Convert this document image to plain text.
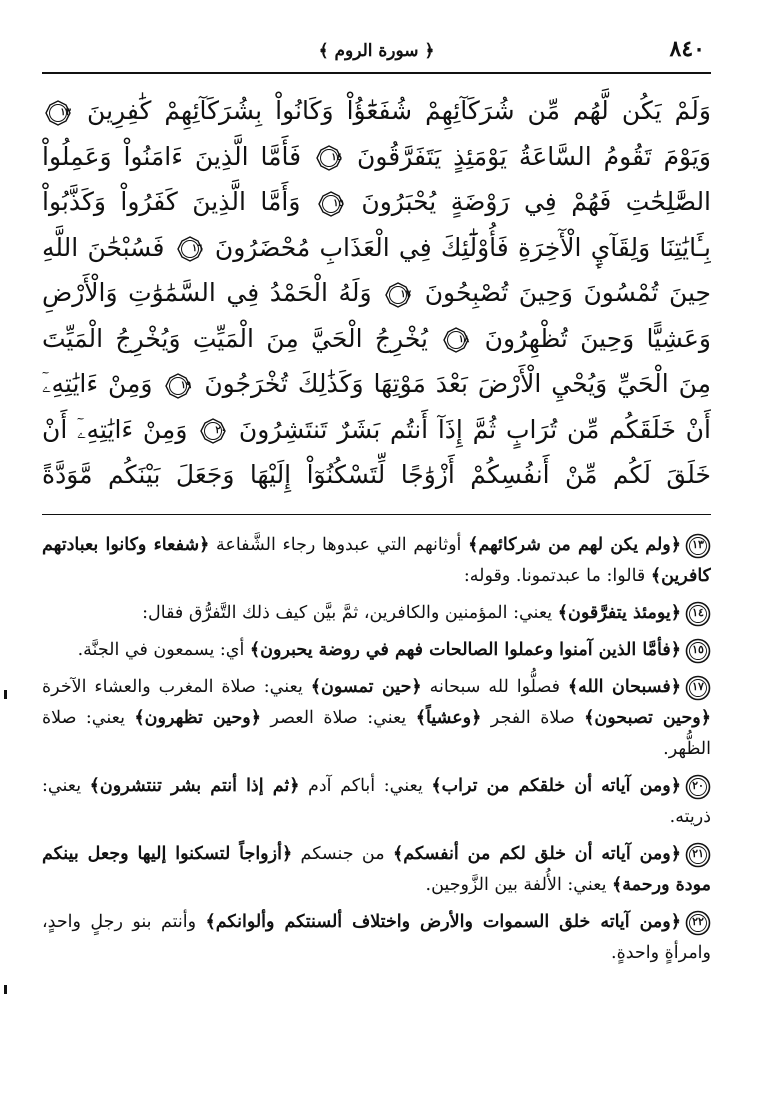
٨٤٠
﴿ سورة الروم ﴾
وَلَمْ يَكُن لَّهُم مِّن شُرَكَآئِهِمْ شُفَعَٰٓؤُاْ وَكَانُواْ بِشُرَكَآئِهِمْ كَٰفِرِينَ
١٣
وَيَوْمَ تَقُومُ السَّاعَةُ يَوْمَئِذٍ يَتَفَرَّقُونَ
١٤
فَأَمَّا الَّذِينَ ءَامَنُواْ وَعَمِلُواْ الصَّٰلِحَٰتِ فَهُمْ فِي رَوْضَةٍ يُحْبَرُونَ
١٥
وَأَمَّا الَّذِينَ كَفَرُواْ وَكَذَّبُواْ بِـَٔايَٰتِنَا وَلِقَآيِٕ الْأٓخِرَةِ فَأُوْلَٰٓئِكَ فِي الْعَذَابِ مُحْضَرُونَ
١٦
فَسُبْحَٰنَ اللَّهِ حِينَ تُمْسُونَ وَحِينَ تُصْبِحُونَ
١٧
وَلَهُ الْحَمْدُ فِي السَّمَٰوَٰتِ وَالْأَرْضِ وَعَشِيًّا وَحِينَ تُظْهِرُونَ
١٨
يُخْرِجُ الْحَيَّ مِنَ الْمَيِّتِ وَيُخْرِجُ الْمَيِّتَ مِنَ الْحَيِّ وَيُحْيِ الْأَرْضَ بَعْدَ مَوْتِهَا وَكَذَٰلِكَ تُخْرَجُونَ
١٩
وَمِنْ ءَايَٰتِهِۦٓ أَنْ خَلَقَكُم مِّن تُرَابٍ ثُمَّ إِذَآ أَنتُم بَشَرٌ تَنتَشِرُونَ
٢٠
وَمِنْ ءَايَٰتِهِۦٓ أَنْ خَلَقَ لَكُم مِّنْ أَنفُسِكُمْ أَزْوَٰجًا لِّتَسْكُنُوٓاْ إِلَيْهَا وَجَعَلَ بَيْنَكُم مَّوَدَّةً

١٣
﴿ولم يكن لهم من شركائهم﴾ أوثانهم التي عبدوها رجاء الشَّفاعة ﴿شفعاء وكانوا بعبادتهم كافرين﴾ قالوا: ما عبدتمونا. وقوله:

١٤
﴿يومئذ يتفرَّقون﴾ يعني: المؤمنين والكافرين، ثمَّ بيَّن كيف ذلك التَّفرُّق فقال:

١٥
﴿فأمَّا الذين آمنوا وعملوا الصالحات فهم في روضة يحبرون﴾ أي: يسمعون في الجنَّة.

١٧
﴿فسبحان الله﴾ فصلُّوا لله سبحانه ﴿حين تمسون﴾ يعني: صلاة المغرب والعشاء الآخرة ﴿وحين تصبحون﴾ صلاة الفجر ﴿وعشياً﴾ يعني: صلاة العصر ﴿وحين تظهرون﴾ يعني: صلاة الظُّهر.

٢٠
﴿ومن آياته أن خلقكم من تراب﴾ يعني: أباكم آدم ﴿ثم إذا أنتم بشر تنتشرون﴾ يعني: ذريته.

٢١
﴿ومن آياته أن خلق لكم من أنفسكم﴾ من جنسكم ﴿أزواجاً لتسكنوا إليها وجعل بينكم مودة ورحمة﴾ يعني: الأُلفة بين الزَّوجين.

٢٢
﴿ومن آياته خلق السموات والأرض واختلاف ألسنتكم وألوانكم﴾ وأنتم بنو رجلٍ واحدٍ، وامرأةٍ واحدةٍ.
